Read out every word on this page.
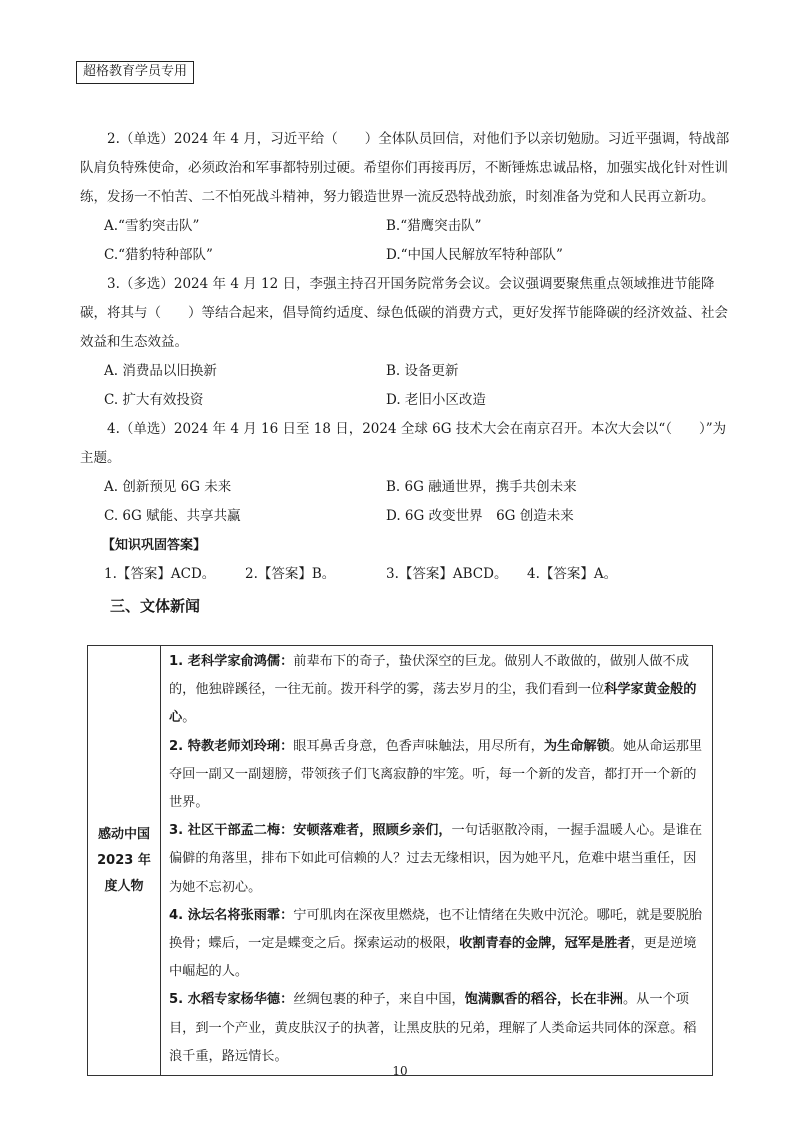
超格教育学员专用

2.（单选）2024 年 4 月，习近平给（　　）全体队员回信，对他们予以亲切勉励。习近平强调，特战部队肩负特殊使命，必须政治和军事都特别过硬。希望你们再接再厉，不断锤炼忠诚品格，加强实战化针对性训练，发扬一不怕苦、二不怕死战斗精神，努力锻造世界一流反恐特战劲旅，时刻准备为党和人民再立新功。

A.“雪豹突击队”	B.“猎鹰突击队”
C.“猎豹特种部队”	D.“中国人民解放军特种部队”

3.（多选）2024 年 4 月 12 日，李强主持召开国务院常务会议。会议强调要聚焦重点领域推进节能降碳，将其与（　　）等结合起来，倡导简约适度、绿色低碳的消费方式，更好发挥节能降碳的经济效益、社会效益和生态效益。

A. 消费品以旧换新	B. 设备更新
C. 扩大有效投资	D. 老旧小区改造

4.（单选）2024 年 4 月 16 日至 18 日，2024 全球 6G 技术大会在南京召开。本次大会以“（　　）”为主题。

A. 创新预见 6G 未来	B. 6G 融通世界，携手共创未来
C. 6G 赋能、共享共赢	D. 6G 改变世界　6G 创造未来

【知识巩固答案】

1.【答案】ACD。	2.【答案】B。	3.【答案】ABCD。	4.【答案】A。
三、文体新闻
感动中国
2023 年
度人物

1. 老科学家俞鸿儒：前辈布下的奇子，蛰伏深空的巨龙。做别人不敢做的，做别人做不成的，他独辟蹊径，一往无前。拨开科学的雾，荡去岁月的尘，我们看到一位科学家黄金般的心。

2. 特教老师刘玲琍：眼耳鼻舌身意，色香声味触法，用尽所有，为生命解锁。她从命运那里夺回一副又一副翅膀，带领孩子们飞离寂静的牢笼。听，每一个新的发音，都打开一个新的世界。

3. 社区干部孟二梅：安顿落难者，照顾乡亲们，一句话驱散冷雨，一握手温暖人心。是谁在偏僻的角落里，排布下如此可信赖的人？过去无缘相识，因为她平凡，危难中堪当重任，因为她不忘初心。

4. 泳坛名将张雨霏：宁可肌肉在深夜里燃烧，也不让情绪在失败中沉沦。哪吒，就是要脱胎换骨；蝶后，一定是蝶变之后。探索运动的极限，收割青春的金牌，冠军是胜者，更是逆境中崛起的人。

5. 水稻专家杨华德：丝绸包裹的种子，来自中国，饱满飘香的稻谷，长在非洲。从一个项目，到一个产业，黄皮肤汉子的执著，让黑皮肤的兄弟，理解了人类命运共同体的深意。稻浪千重，路远情长。

10
